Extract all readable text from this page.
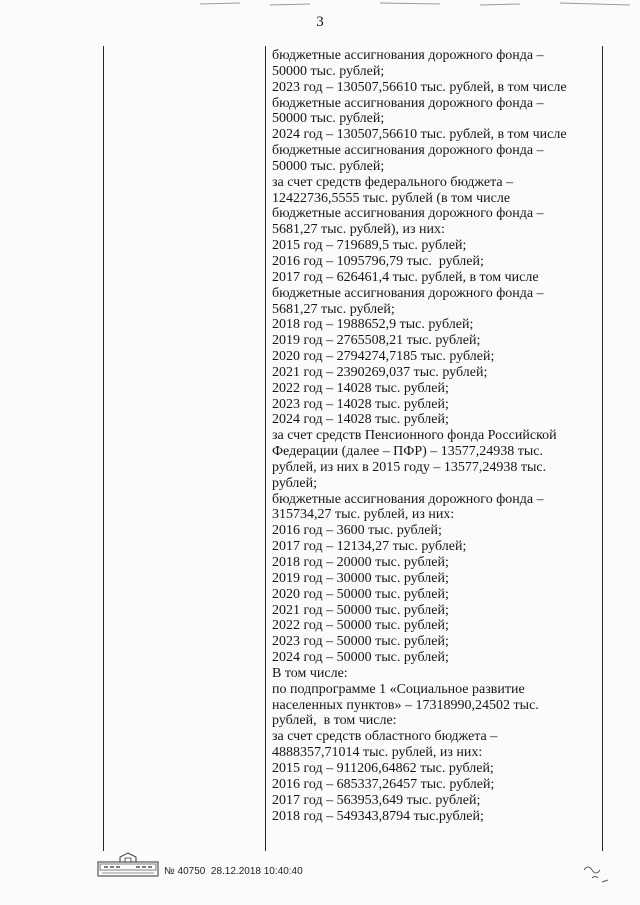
3
бюджетные ассигнования дорожного фонда –
50000 тыс. рублей;
2023 год – 130507,56610 тыс. рублей, в том числе
бюджетные ассигнования дорожного фонда –
50000 тыс. рублей;
2024 год – 130507,56610 тыс. рублей, в том числе
бюджетные ассигнования дорожного фонда –
50000 тыс. рублей;
за счет средств федерального бюджета –
12422736,5555 тыс. рублей (в том числе
бюджетные ассигнования дорожного фонда –
5681,27 тыс. рублей), из них:
2015 год – 719689,5 тыс. рублей;
2016 год – 1095796,79 тыс.  рублей;
2017 год – 626461,4 тыс. рублей, в том числе
бюджетные ассигнования дорожного фонда –
5681,27 тыс. рублей;
2018 год – 1988652,9 тыс. рублей;
2019 год – 2765508,21 тыс. рублей;
2020 год – 2794274,7185 тыс. рублей;
2021 год – 2390269,037 тыс. рублей;
2022 год – 14028 тыс. рублей;
2023 год – 14028 тыс. рублей;
2024 год – 14028 тыс. рублей;
за счет средств Пенсионного фонда Российской
Федерации (далее – ПФР) – 13577,24938 тыс.
рублей, из них в 2015 году – 13577,24938 тыс.
рублей;
бюджетные ассигнования дорожного фонда –
315734,27 тыс. рублей, из них:
2016 год – 3600 тыс. рублей;
2017 год – 12134,27 тыс. рублей;
2018 год – 20000 тыс. рублей;
2019 год – 30000 тыс. рублей;
2020 год – 50000 тыс. рублей;
2021 год – 50000 тыс. рублей;
2022 год – 50000 тыс. рублей;
2023 год – 50000 тыс. рублей;
2024 год – 50000 тыс. рублей;
В том числе:
по подпрограмме 1 «Социальное развитие
населенных пунктов» – 17318990,24502 тыс.
рублей,  в том числе:
за счет средств областного бюджета –
4888357,71014 тыс. рублей, из них:
2015 год – 911206,64862 тыс. рублей;
2016 год – 685337,26457 тыс. рублей;
2017 год – 563953,649 тыс. рублей;
2018 год – 549343,8794 тыс.рублей;
№ 40750 28.12.2018 10:40:40
